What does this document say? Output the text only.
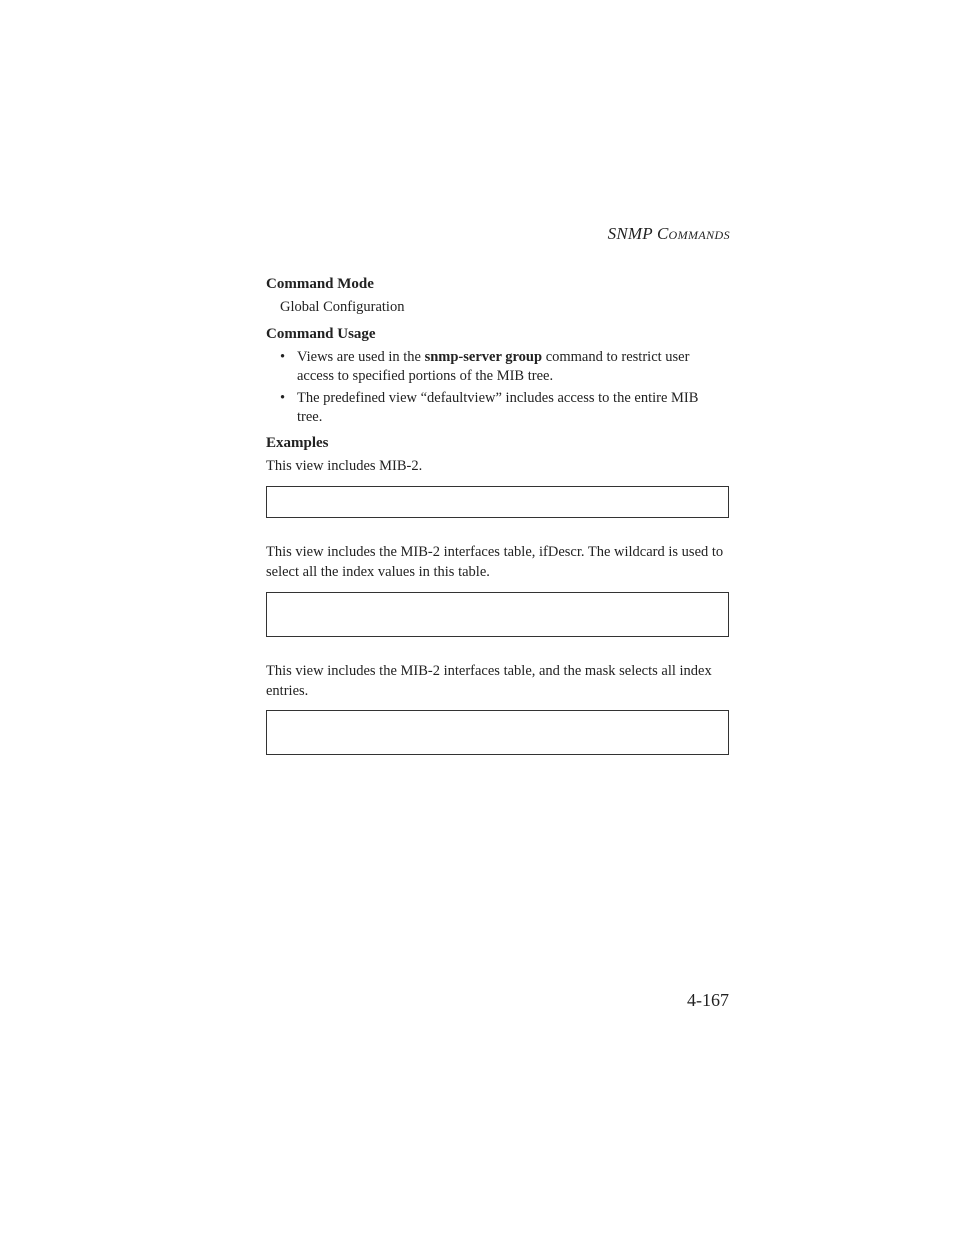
SNMP COMMANDS
Command Mode
Global Configuration
Command Usage
• Views are used in the snmp-server group command to restrict user access to specified portions of the MIB tree.
• The predefined view “defaultview” includes access to the entire MIB tree.
Examples
This view includes MIB-2.
This view includes the MIB-2 interfaces table, ifDescr. The wildcard is used to select all the index values in this table.
This view includes the MIB-2 interfaces table, and the mask selects all index entries.
4-167
